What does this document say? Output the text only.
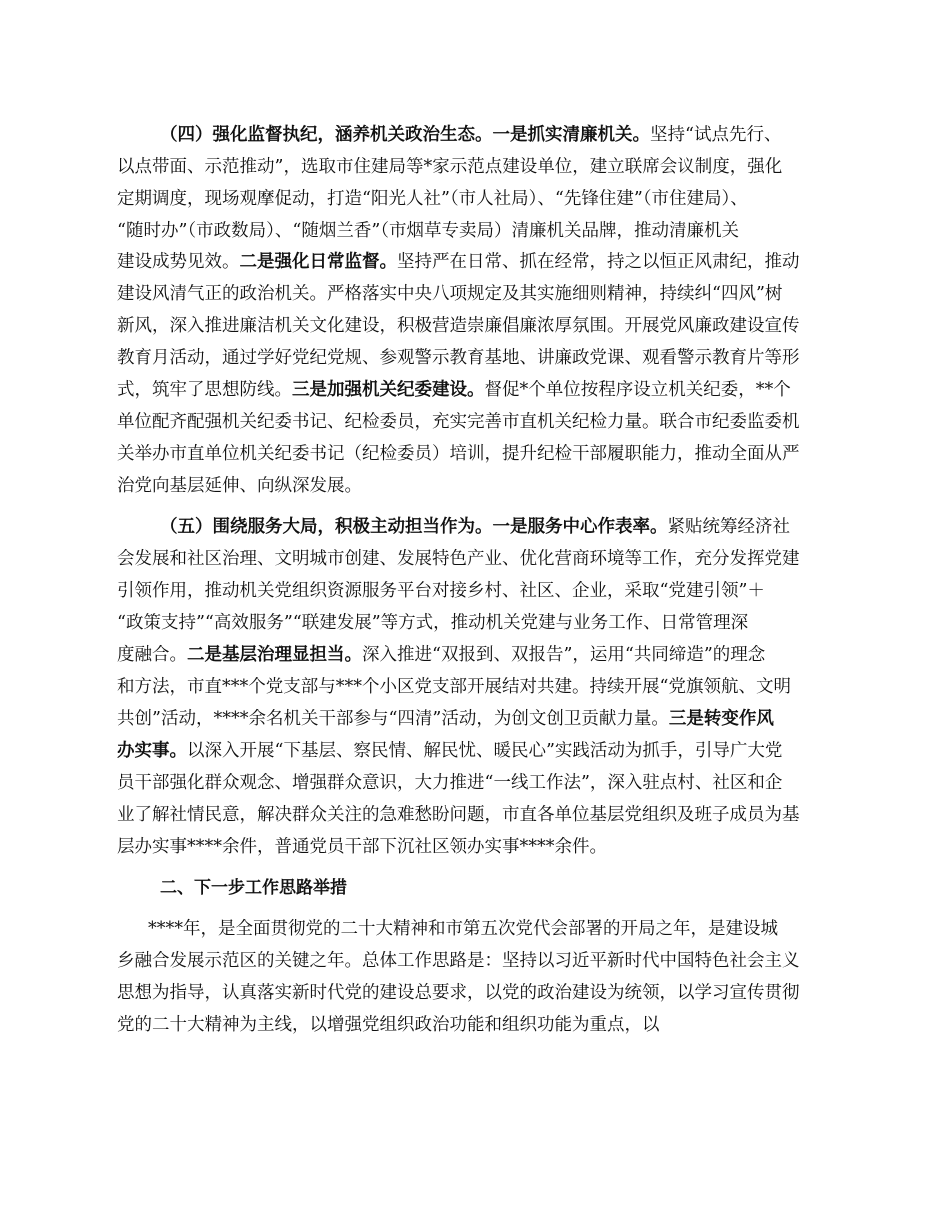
（四）强化监督执纪，涵养机关政治生态。一是抓实清廉机关。坚持“试点先行、
以点带面、示范推动”，选取市住建局等*家示范点建设单位，建立联席会议制度，强化
定期调度，现场观摩促动，打造“阳光人社”（市人社局）、“先锋住建”（市住建局）、
“随时办”（市政数局）、“随烟兰香”（市烟草专卖局）清廉机关品牌，推动清廉机关
建设成势见效。二是强化日常监督。坚持严在日常、抓在经常，持之以恒正风肃纪，推动
建设风清气正的政治机关。严格落实中央八项规定及其实施细则精神，持续纠“四风”树
新风，深入推进廉洁机关文化建设，积极营造崇廉倡廉浓厚氛围。开展党风廉政建设宣传
教育月活动，通过学好党纪党规、参观警示教育基地、讲廉政党课、观看警示教育片等形
式，筑牢了思想防线。三是加强机关纪委建设。督促*个单位按程序设立机关纪委，**个
单位配齐配强机关纪委书记、纪检委员，充实完善市直机关纪检力量。联合市纪委监委机
关举办市直单位机关纪委书记（纪检委员）培训，提升纪检干部履职能力，推动全面从严
治党向基层延伸、向纵深发展。
（五）围绕服务大局，积极主动担当作为。一是服务中心作表率。紧贴统筹经济社
会发展和社区治理、文明城市创建、发展特色产业、优化营商环境等工作，充分发挥党建
引领作用，推动机关党组织资源服务平台对接乡村、社区、企业，采取“党建引领”＋
“政策支持”“高效服务”“联建发展”等方式，推动机关党建与业务工作、日常管理深
度融合。二是基层治理显担当。深入推进“双报到、双报告”，运用“共同缔造”的理念
和方法，市直***个党支部与***个小区党支部开展结对共建。持续开展“党旗领航、文明
共创”活动，****余名机关干部参与“四清”活动，为创文创卫贡献力量。三是转变作风
办实事。以深入开展“下基层、察民情、解民忧、暖民心”实践活动为抓手，引导广大党
员干部强化群众观念、增强群众意识，大力推进“一线工作法”，深入驻点村、社区和企
业了解社情民意，解决群众关注的急难愁盼问题，市直各单位基层党组织及班子成员为基
层办实事****余件，普通党员干部下沉社区领办实事****余件。
二、下一步工作思路举措
****年，是全面贯彻党的二十大精神和市第五次党代会部署的开局之年，是建设城
乡融合发展示范区的关键之年。总体工作思路是：坚持以习近平新时代中国特色社会主义
思想为指导，认真落实新时代党的建设总要求，以党的政治建设为统领，以学习宣传贯彻
党的二十大精神为主线，以增强党组织政治功能和组织功能为重点，以
